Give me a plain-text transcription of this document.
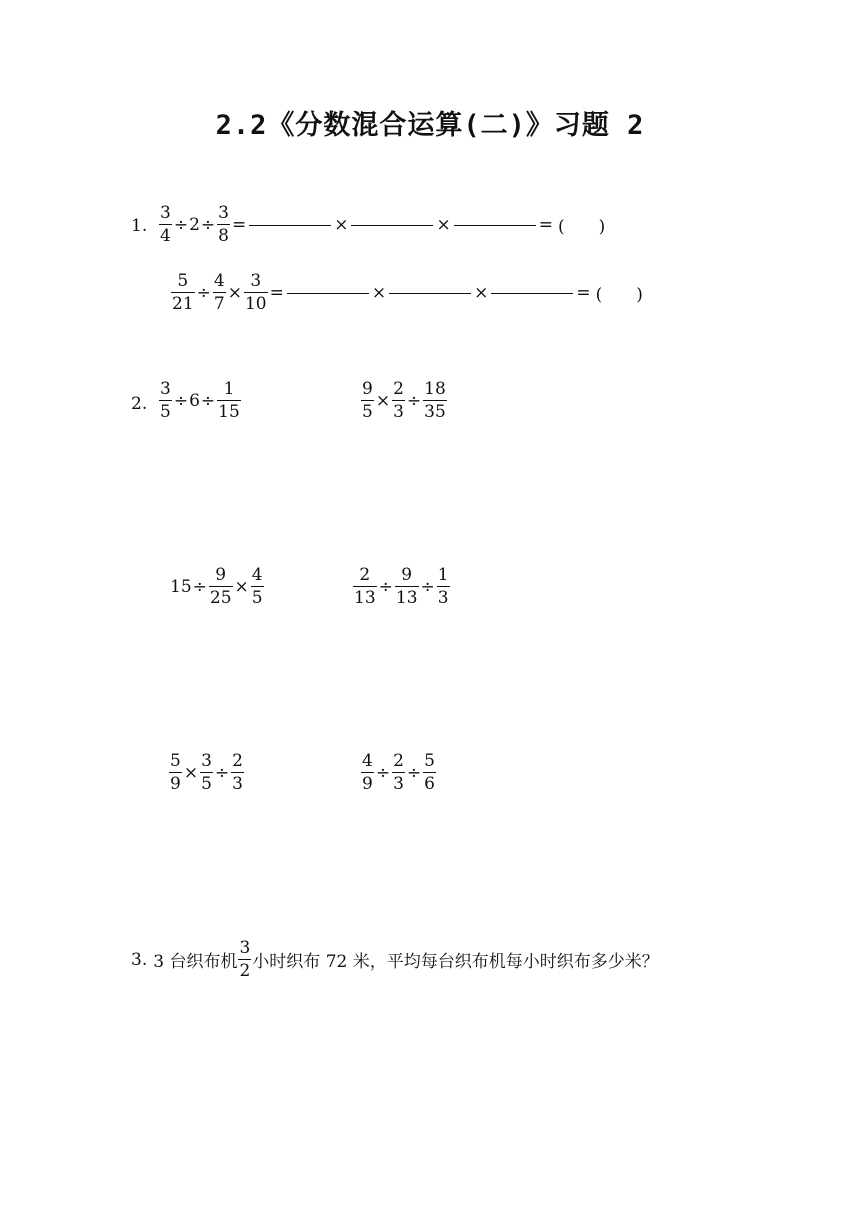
2.2《分数混合运算(二)》习题 2
1. $\frac{3}{4} \div 2 \div \frac{3}{8}$ =	×	×	= (　　)
$\frac{5}{21} \div \frac{4}{7} \times \frac{3}{10}$ =	×	×	= (　　)
2. $\frac{3}{5} \div 6 \div \frac{1}{15}$	$\frac{9}{5} \times \frac{2}{3} \div \frac{18}{35}$
$15 \div \frac{9}{25} \times \frac{4}{5}$	$\frac{2}{13} \div \frac{9}{13} \div \frac{1}{3}$
$\frac{5}{9} \times \frac{3}{5} \div \frac{2}{3}$	$\frac{4}{9} \div \frac{2}{3} \div \frac{5}{6}$
3. 3 台织布机 $\frac{3}{2}$ 小时织布 72 米，平均每台织布机每小时织布多少米？
